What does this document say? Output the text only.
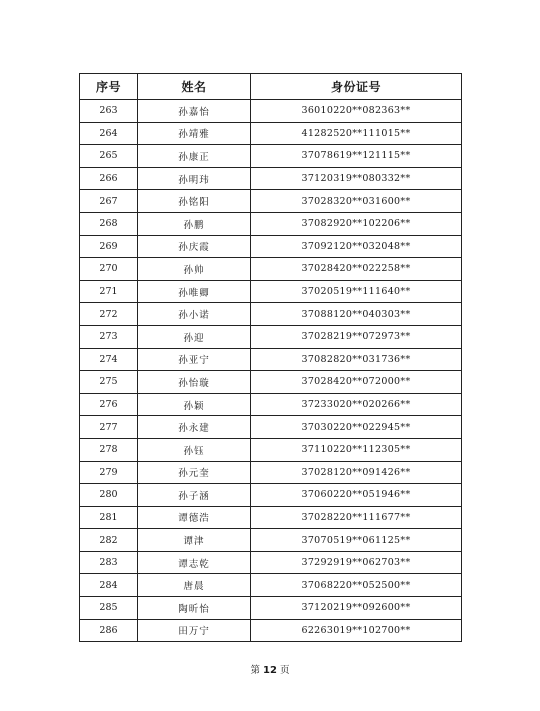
序号	姓名	身份证号
263	孙嘉怡	36010220**082363**
264	孙靖雅	41282520**111015**
265	孙康正	37078619**121115**
266	孙明玮	37120319**080332**
267	孙铭阳	37028320**031600**
268	孙鹏	37082920**102206**
269	孙庆霞	37092120**032048**
270	孙帅	37028420**022258**
271	孙唯卿	37020519**111640**
272	孙小诺	37088120**040303**
273	孙迎	37028219**072973**
274	孙亚宁	37082820**031736**
275	孙怡璇	37028420**072000**
276	孙颖	37233020**020266**
277	孙永建	37030220**022945**
278	孙钰	37110220**112305**
279	孙元奎	37028120**091426**
280	孙子涵	37060220**051946**
281	谭德浩	37028220**111677**
282	谭津	37070519**061125**
283	谭志乾	37292919**062703**
284	唐晨	37068220**052500**
285	陶昕怡	37120219**092600**
286	田万宁	62263019**102700**
第 12 页
